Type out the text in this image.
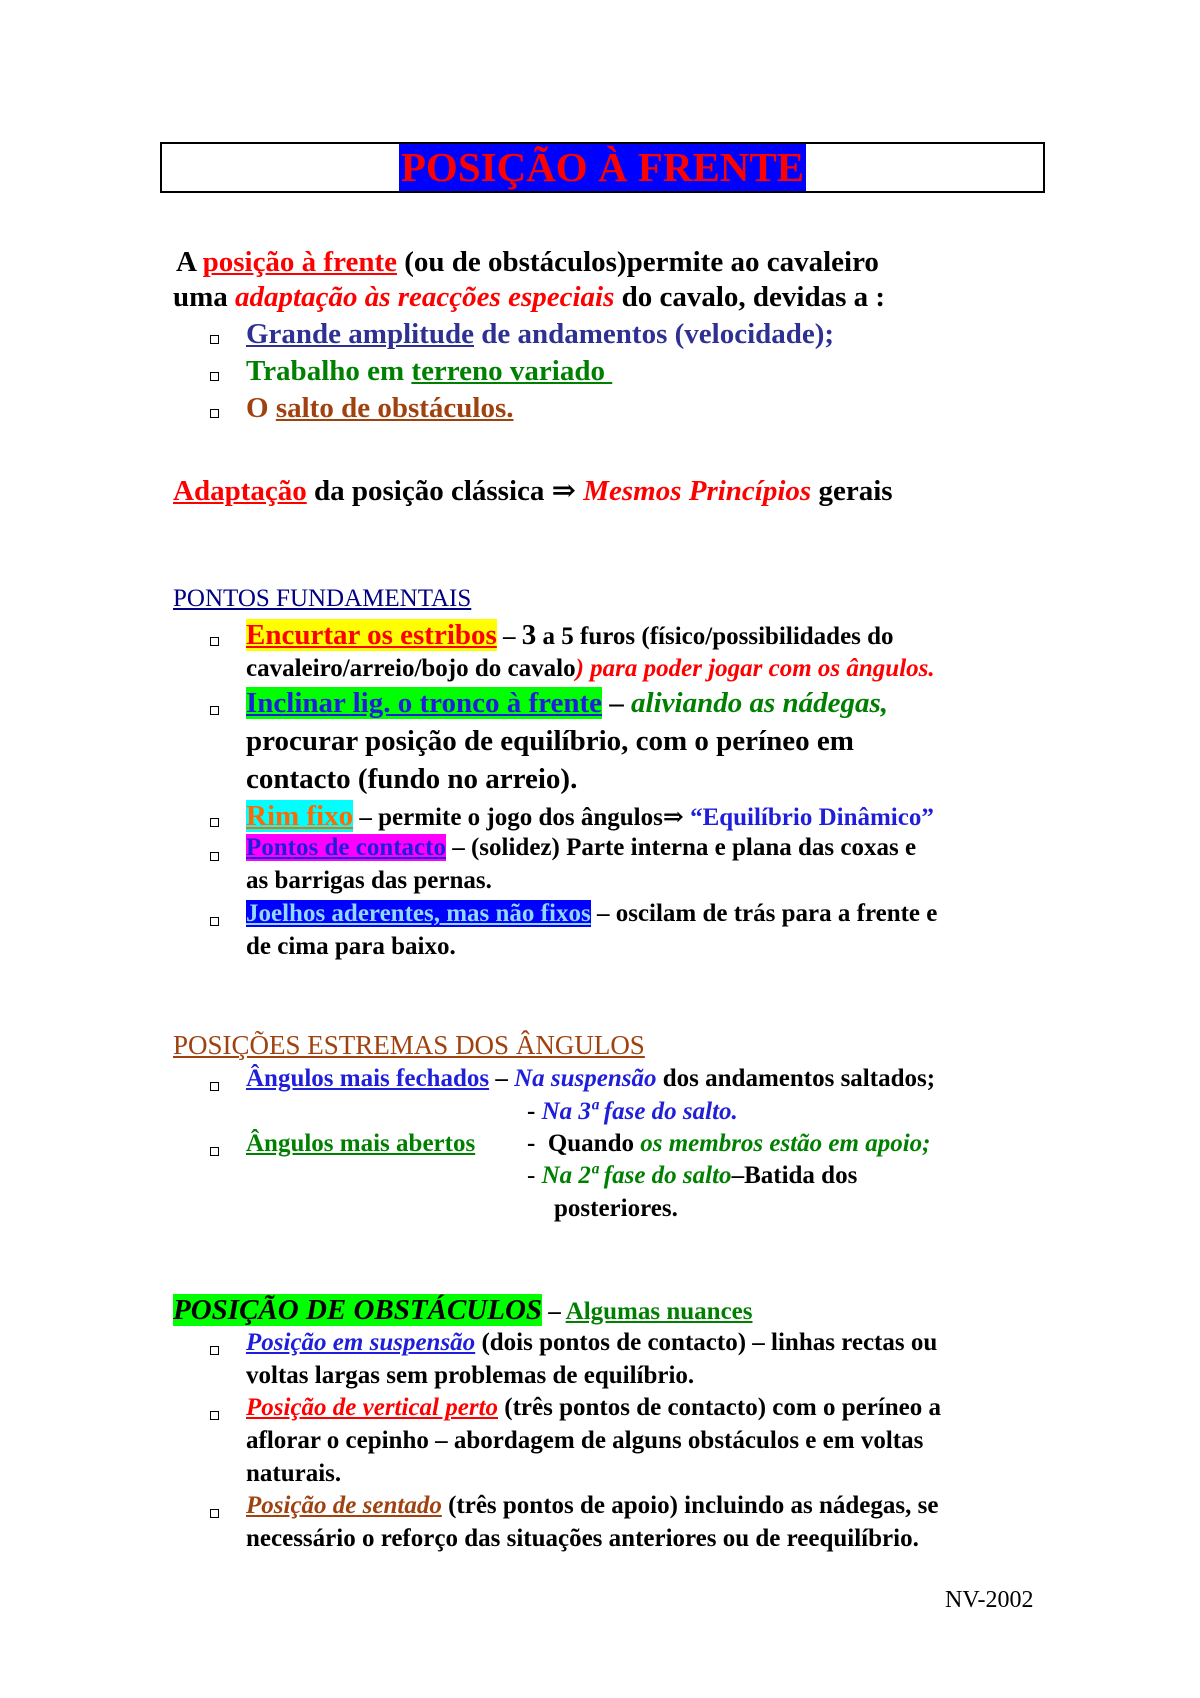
POSIÇÃO À FRENTE
A posição à frente (ou de obstáculos)permite ao cavaleiro
uma adaptação às reacções especiais do cavalo, devidas a :
Grande amplitude de andamentos (velocidade);
Trabalho em terreno variado
O salto de obstáculos.
Adaptação da posição clássica ⇒ Mesmos Princípios gerais
PONTOS FUNDAMENTAIS
Encurtar os estribos – 3 a 5 furos (físico/possibilidades do
cavaleiro/arreio/bojo do cavalo) para poder jogar com os ângulos.
Inclinar lig. o tronco à frente – aliviando as nádegas,
procurar posição de equilíbrio, com o períneo em
contacto (fundo no arreio).
Rim fixo – permite o jogo dos ângulos⇒ “Equilíbrio Dinâmico”
Pontos de contacto – (solidez) Parte interna e plana das coxas e
as barrigas das pernas.
Joelhos aderentes, mas não fixos – oscilam de trás para a frente e
de cima para baixo.
POSIÇÕES ESTREMAS DOS ÂNGULOS
Ângulos mais fechados – Na suspensão dos andamentos saltados;
- Na 3ª fase do salto.
Ângulos mais abertos -  Quando os membros estão em apoio;
- Na 2ª fase do salto–Batida dos
posteriores.
POSIÇÃO DE OBSTÁCULOS – Algumas nuances
Posição em suspensão (dois pontos de contacto) – linhas rectas ou
voltas largas sem problemas de equilíbrio.
Posição de vertical perto (três pontos de contacto) com o períneo a
aflorar o cepinho – abordagem de alguns obstáculos e em voltas
naturais.
Posição de sentado (três pontos de apoio) incluindo as nádegas, se
necessário o reforço das situações anteriores ou de reequilíbrio.
NV-2002
